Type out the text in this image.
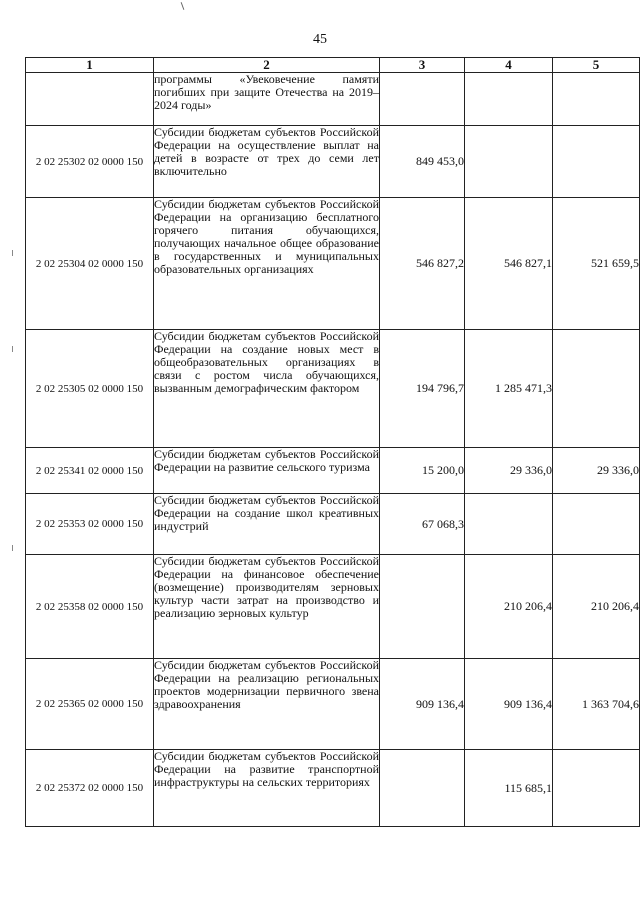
45
1	2	3	4	5
	программы «Увековечение памяти погибших при защите Отечества на 2019–2024 годы»			
2 02 25302 02 0000 150	Субсидии бюджетам субъектов Российской Федерации на осуществление выплат на детей в возрасте от трех до семи лет включительно	849 453,0		
2 02 25304 02 0000 150	Субсидии бюджетам субъектов Российской Федерации на организацию бесплатного горячего питания обучающихся, получающих начальное общее образование в государственных и муниципальных образовательных организациях	546 827,2	546 827,1	521 659,5
2 02 25305 02 0000 150	Субсидии бюджетам субъектов Российской Федерации на создание новых мест в общеобразовательных организациях в связи с ростом числа обучающихся, вызванным демографическим фактором	194 796,7	1 285 471,3	
2 02 25341 02 0000 150	Субсидии бюджетам субъектов Российской Федерации на развитие сельского туризма	15 200,0	29 336,0	29 336,0
2 02 25353 02 0000 150	Субсидии бюджетам субъектов Российской Федерации на создание школ креативных индустрий	67 068,3		
2 02 25358 02 0000 150	Субсидии бюджетам субъектов Российской Федерации на финансовое обеспечение (возмещение) производителям зерновых культур части затрат на производство и реализацию зерновых культур		210 206,4	210 206,4
2 02 25365 02 0000 150	Субсидии бюджетам субъектов Российской Федерации на реализацию региональных проектов модернизации первичного звена здравоохранения	909 136,4	909 136,4	1 363 704,6
2 02 25372 02 0000 150	Субсидии бюджетам субъектов Российской Федерации на развитие транспортной инфраструктуры на сельских территориях		115 685,1	
